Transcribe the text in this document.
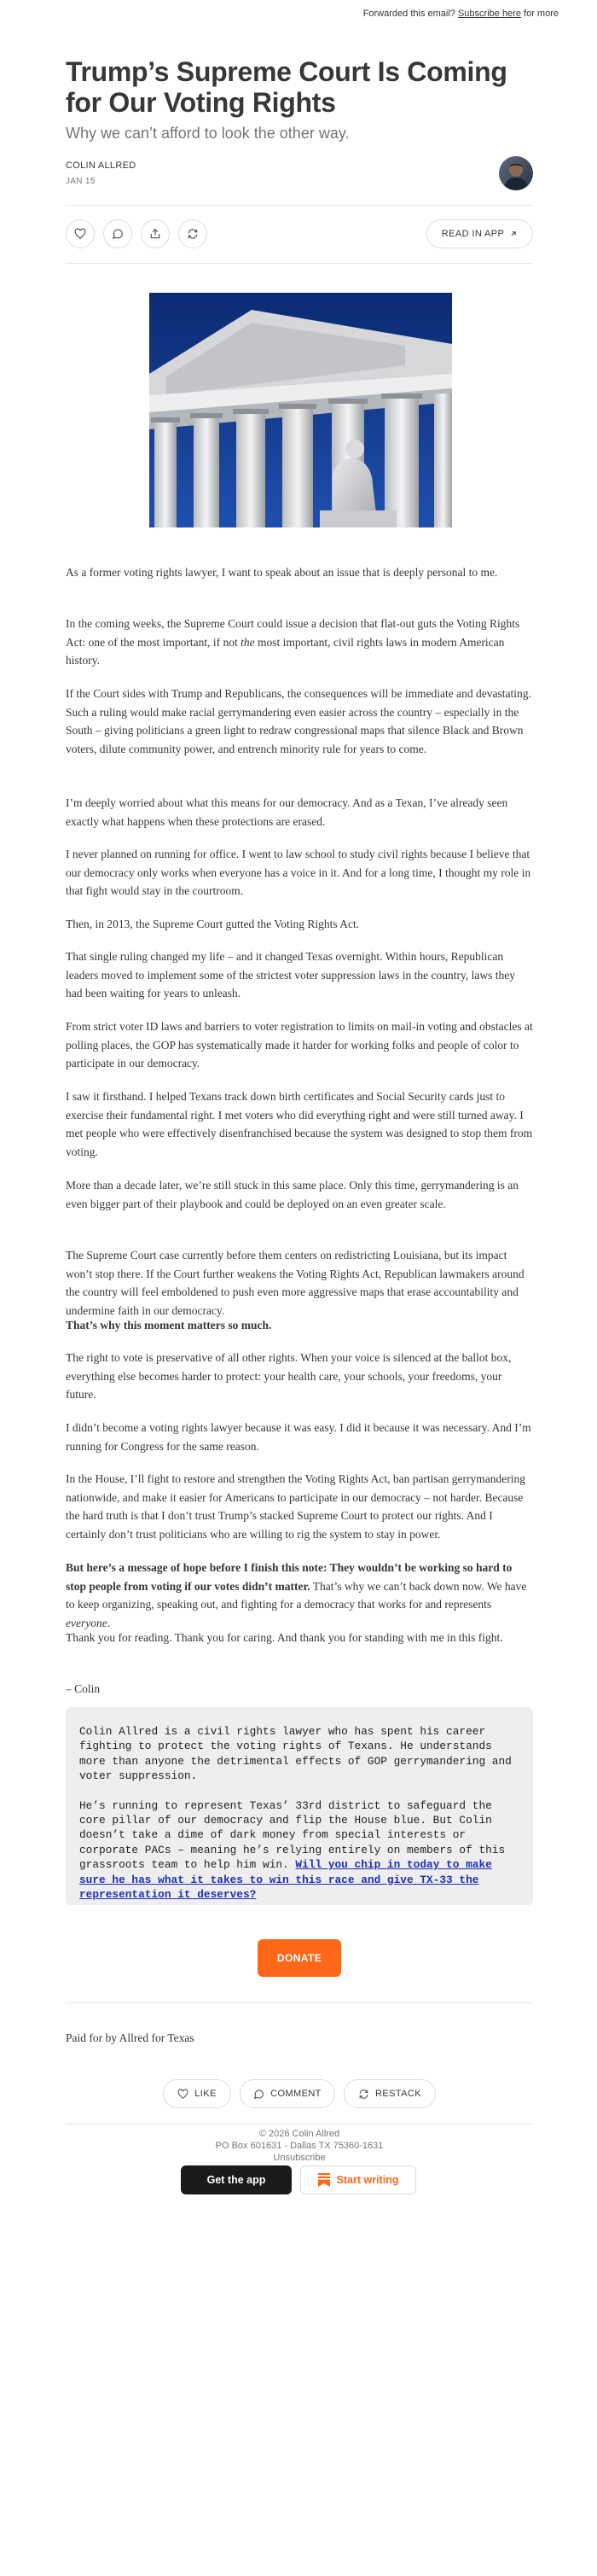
Forwarded this email? Subscribe here for more
Trump’s Supreme Court Is Coming for Our Voting Rights

Why we can’t afford to look the other way.

COLIN ALLRED
JAN 15
READ IN APP

As a former voting rights lawyer, I want to speak about an issue that is deeply personal to me.

In the coming weeks, the Supreme Court could issue a decision that flat-out guts the Voting Rights Act: one of the most important, if not the most important, civil rights laws in modern American history.

If the Court sides with Trump and Republicans, the consequences will be immediate and devastating. Such a ruling would make racial gerrymandering even easier across the country – especially in the South – giving politicians a green light to redraw congressional maps that silence Black and Brown voters, dilute community power, and entrench minority rule for years to come.

I’m deeply worried about what this means for our democracy. And as a Texan, I’ve already seen exactly what happens when these protections are erased.

I never planned on running for office. I went to law school to study civil rights because I believe that our democracy only works when everyone has a voice in it. And for a long time, I thought my role in that fight would stay in the courtroom.

Then, in 2013, the Supreme Court gutted the Voting Rights Act.

That single ruling changed my life – and it changed Texas overnight. Within hours, Republican leaders moved to implement some of the strictest voter suppression laws in the country, laws they had been waiting for years to unleash.

From strict voter ID laws and barriers to voter registration to limits on mail-in voting and obstacles at polling places, the GOP has systematically made it harder for working folks and people of color to participate in our democracy.

I saw it firsthand. I helped Texans track down birth certificates and Social Security cards just to exercise their fundamental right. I met voters who did everything right and were still turned away. I met people who were effectively disenfranchised because the system was designed to stop them from voting.

More than a decade later, we’re still stuck in this same place. Only this time, gerrymandering is an even bigger part of their playbook and could be deployed on an even greater scale.

The Supreme Court case currently before them centers on redistricting Louisiana, but its impact won’t stop there. If the Court further weakens the Voting Rights Act, Republican lawmakers around the country will feel emboldened to push even more aggressive maps that erase accountability and undermine faith in our democracy.

That’s why this moment matters so much.

The right to vote is preservative of all other rights. When your voice is silenced at the ballot box, everything else becomes harder to protect: your health care, your schools, your freedoms, your future.

I didn’t become a voting rights lawyer because it was easy. I did it because it was necessary. And I’m running for Congress for the same reason.

In the House, I’ll fight to restore and strengthen the Voting Rights Act, ban partisan gerrymandering nationwide, and make it easier for Americans to participate in our democracy – not harder. Because the hard truth is that I don’t trust Trump’s stacked Supreme Court to protect our rights. And I certainly don’t trust politicians who are willing to rig the system to stay in power.

But here’s a message of hope before I finish this note: They wouldn’t be working so hard to stop people from voting if our votes didn’t matter. That’s why we can’t back down now. We have to keep organizing, speaking out, and fighting for a democracy that works for and represents everyone.

Thank you for reading. Thank you for caring. And thank you for standing with me in this fight.

– Colin

Colin Allred is a civil rights lawyer who has spent his career fighting to protect the voting rights of Texans. He understands more than anyone the detrimental effects of GOP gerrymandering and voter suppression.

He’s running to represent Texas’ 33rd district to safeguard the core pillar of our democracy and flip the House blue. But Colin doesn’t take a dime of dark money from special interests or corporate PACs – meaning he’s relying entirely on members of this grassroots team to help him win. Will you chip in today to make sure he has what it takes to win this race and give TX-33 the representation it deserves?

DONATE
Paid for by Allred for Texas
LIKE	COMMENT	RESTACK
© 2026 Colin Allred
PO Box 601631 - Dallas TX 75360-1631
Unsubscribe
Get the app	Start writing
